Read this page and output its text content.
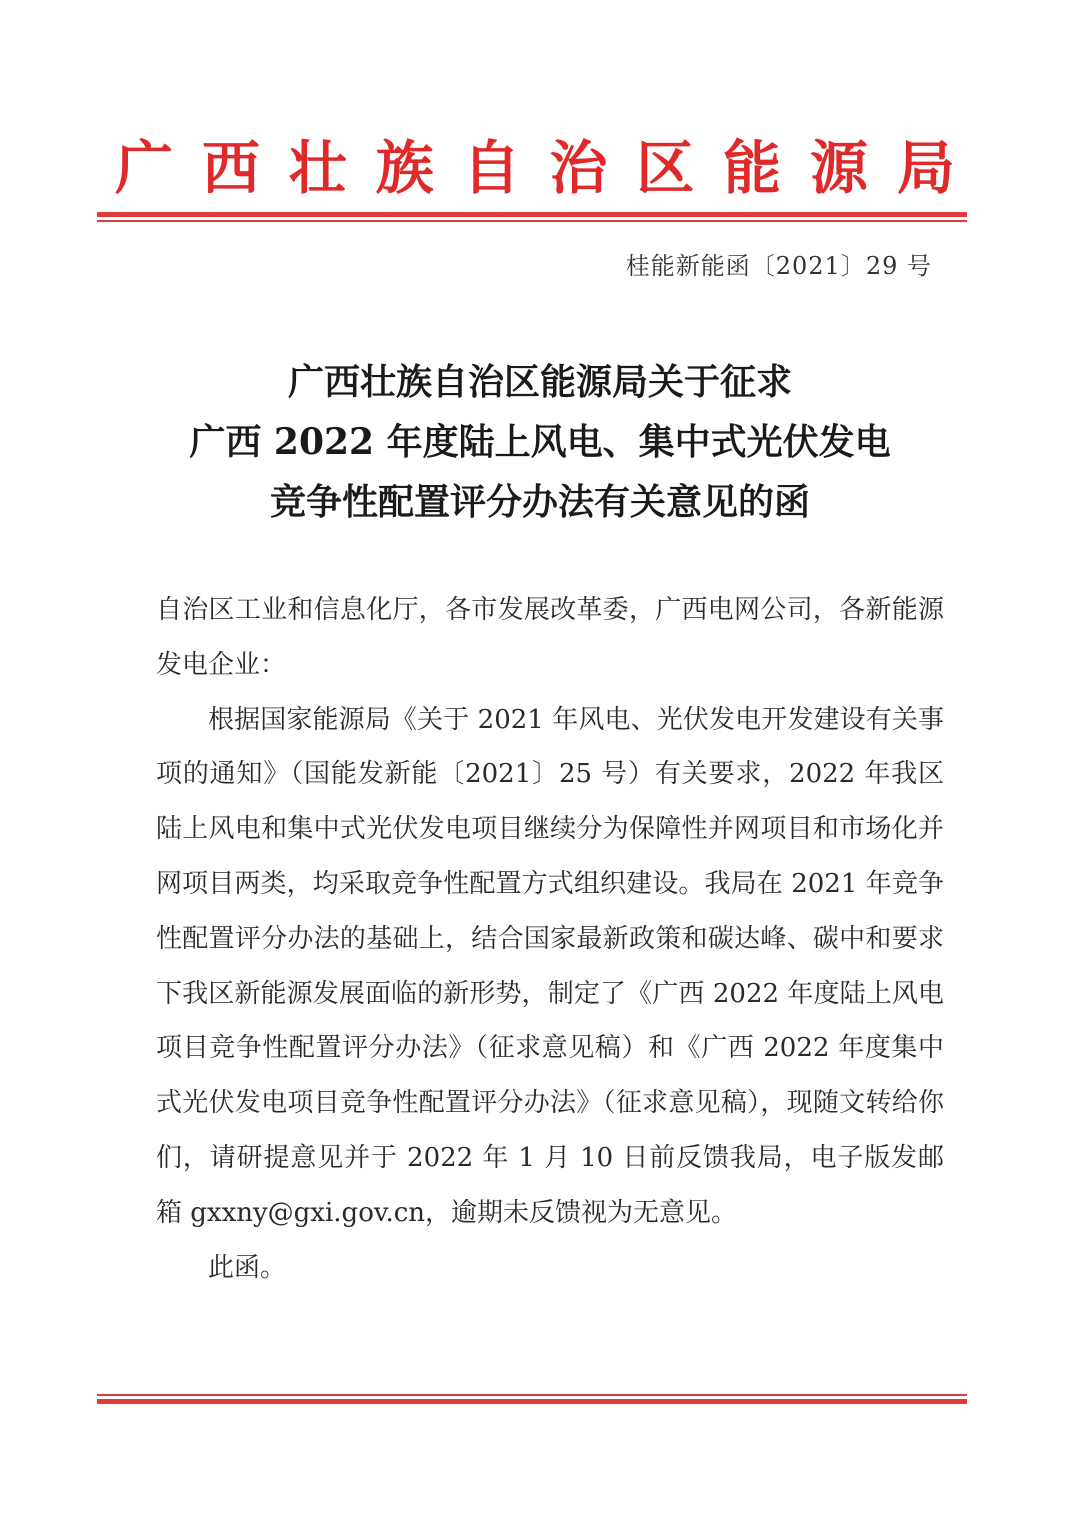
广 西 壮 族 自 治 区 能 源 局
桂能新能函〔2021〕29 号
广西壮族自治区能源局关于征求
广西 2022 年度陆上风电、集中式光伏发电
竞争性配置评分办法有关意见的函

自治区工业和信息化厅，各市发展改革委，广西电网公司，各新能源发电企业：

根据国家能源局《关于 2021 年风电、光伏发电开发建设有关事项的通知》（国能发新能〔2021〕25 号）有关要求，2022 年我区陆上风电和集中式光伏发电项目继续分为保障性并网项目和市场化并网项目两类，均采取竞争性配置方式组织建设。我局在 2021 年竞争性配置评分办法的基础上，结合国家最新政策和碳达峰、碳中和要求下我区新能源发展面临的新形势，制定了《广西 2022 年度陆上风电项目竞争性配置评分办法》（征求意见稿）和《广西 2022 年度集中式光伏发电项目竞争性配置评分办法》（征求意见稿），现随文转给你们，请研提意见并于 2022 年 1 月 10 日前反馈我局，电子版发邮箱 gxxny@gxi.gov.cn，逾期未反馈视为无意见。

此函。
